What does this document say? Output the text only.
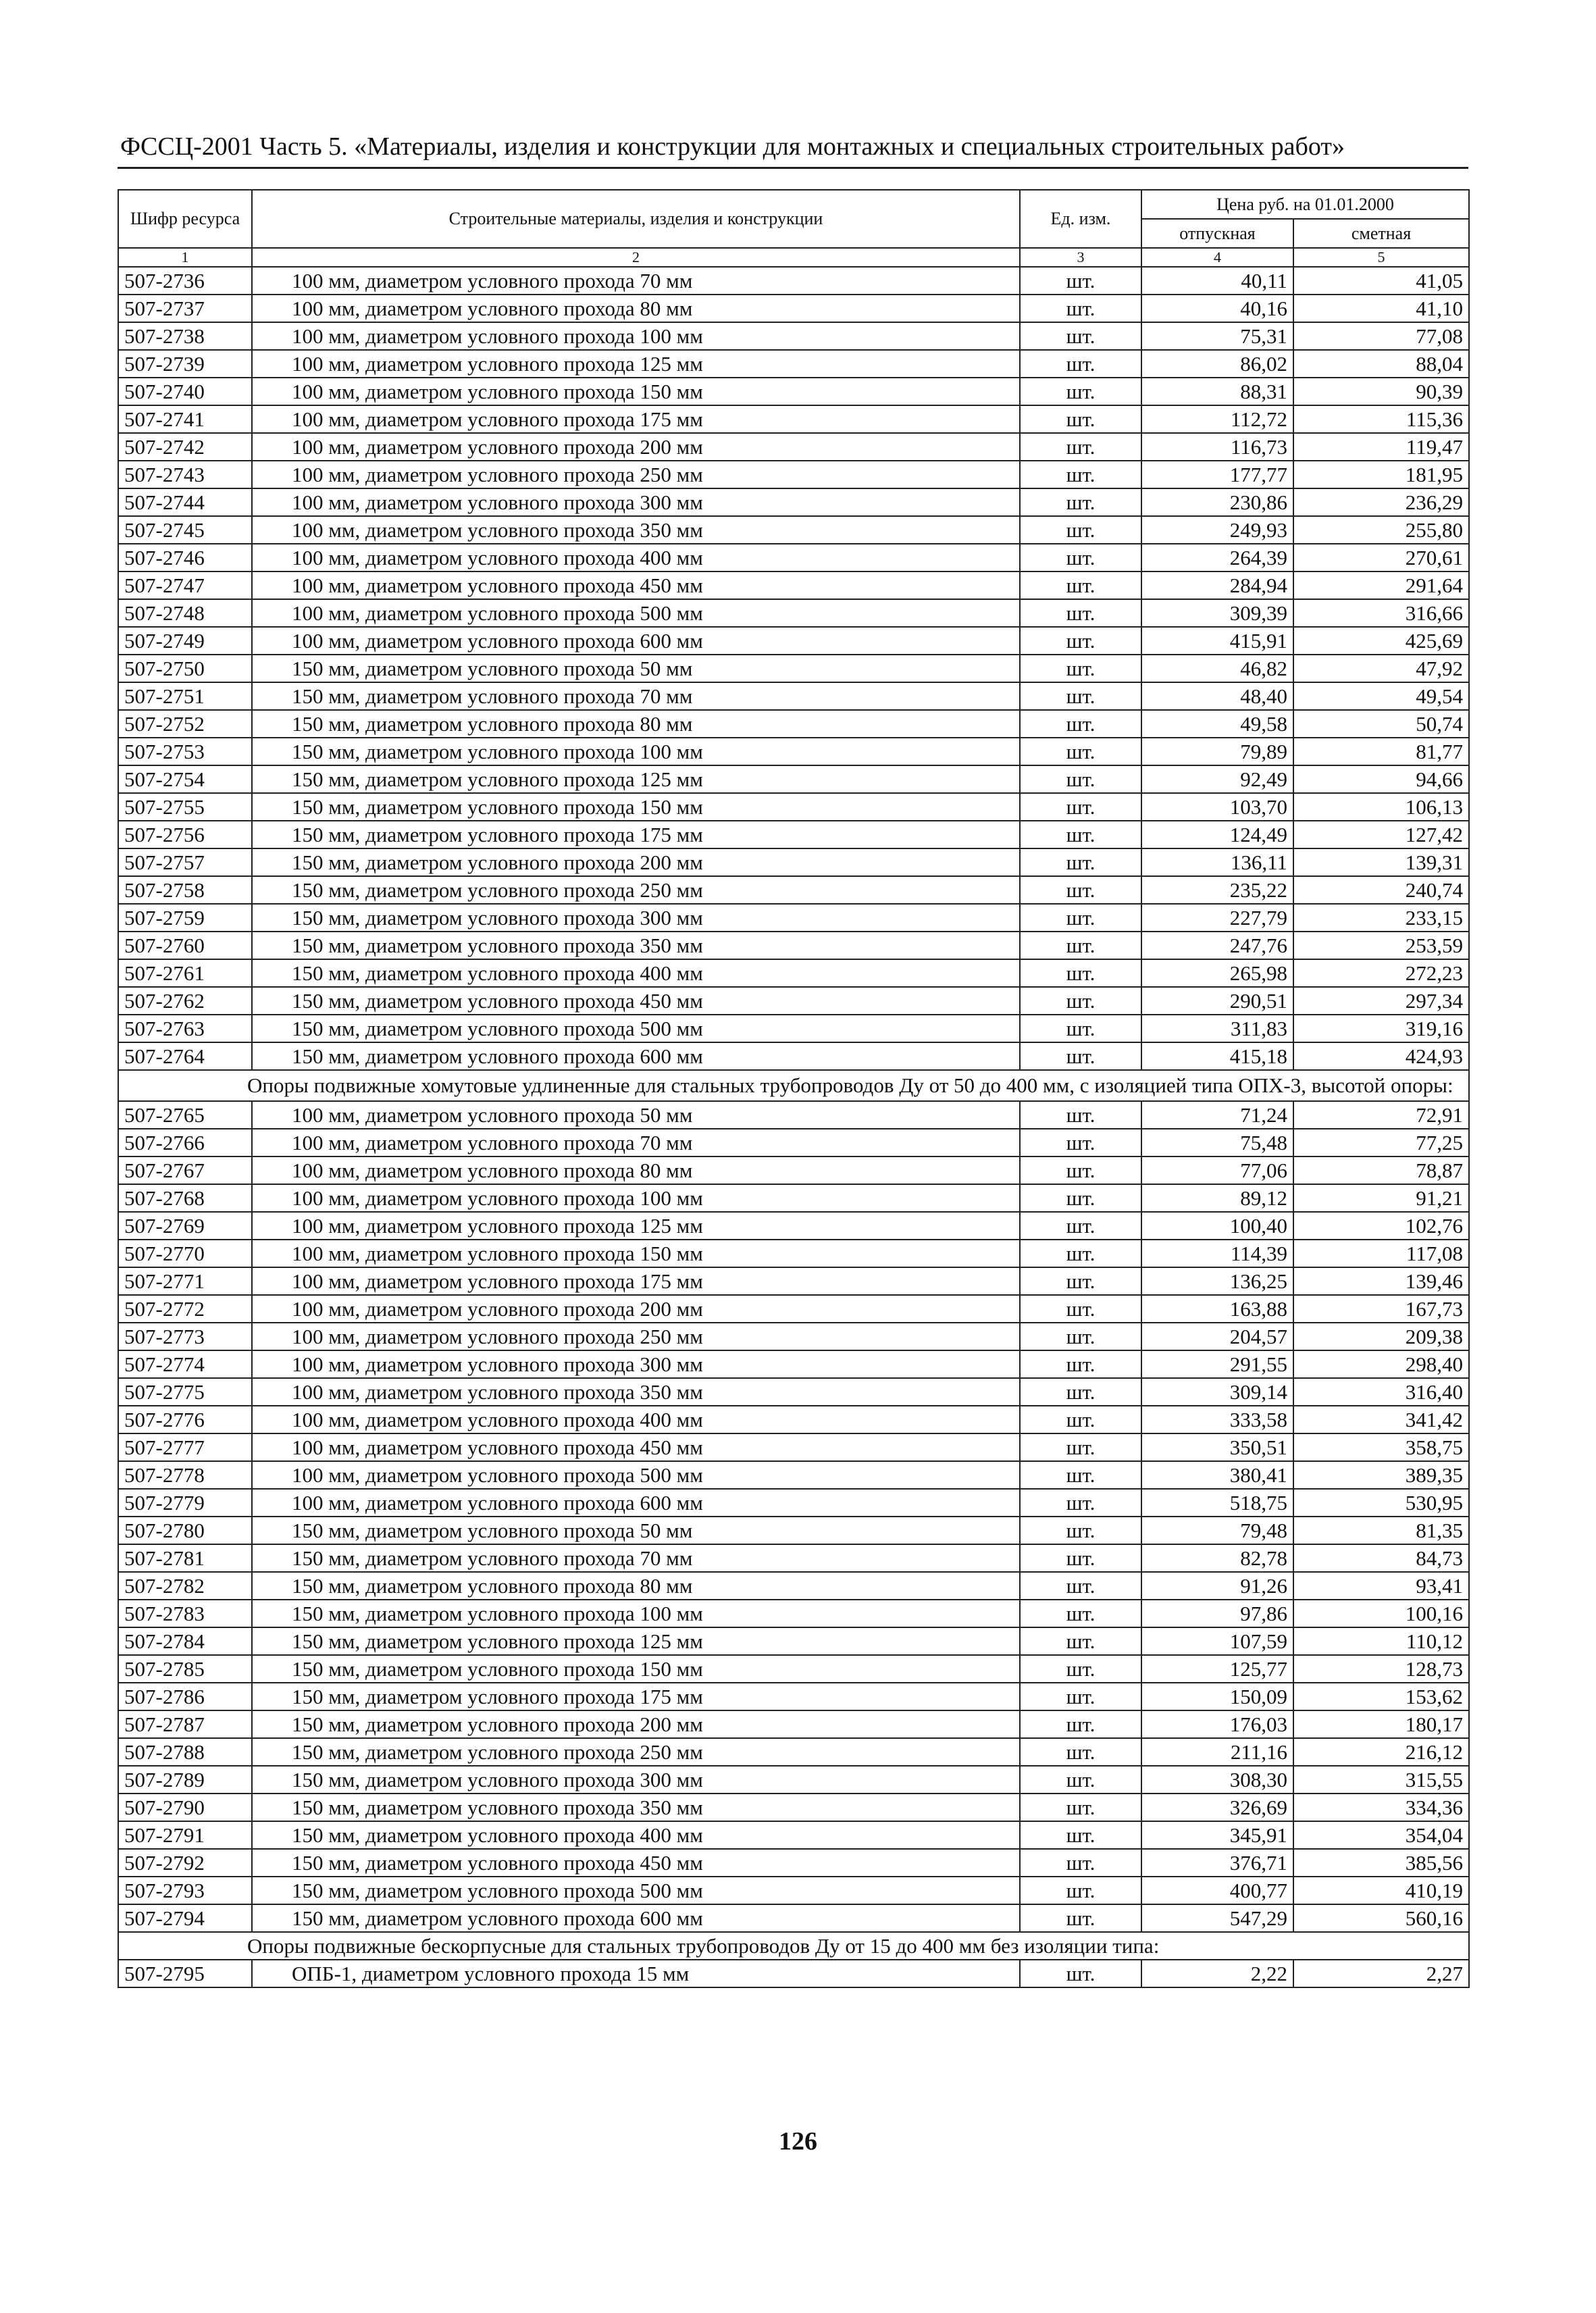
ФССЦ-2001 Часть 5. «Материалы, изделия и конструкции для монтажных и специальных строительных работ»
Шифр ресурса	Строительные материалы, изделия и конструкции	Ед. изм.	Цена руб. на 01.01.2000	
			отпускная	сметная
1	2	3	4	5
507-2736	100 мм, диаметром условного прохода 70 мм	шт.	40,11	41,05
507-2737	100 мм, диаметром условного прохода 80 мм	шт.	40,16	41,10
507-2738	100 мм, диаметром условного прохода 100 мм	шт.	75,31	77,08
507-2739	100 мм, диаметром условного прохода 125 мм	шт.	86,02	88,04
507-2740	100 мм, диаметром условного прохода 150 мм	шт.	88,31	90,39
507-2741	100 мм, диаметром условного прохода 175 мм	шт.	112,72	115,36
507-2742	100 мм, диаметром условного прохода 200 мм	шт.	116,73	119,47
507-2743	100 мм, диаметром условного прохода 250 мм	шт.	177,77	181,95
507-2744	100 мм, диаметром условного прохода 300 мм	шт.	230,86	236,29
507-2745	100 мм, диаметром условного прохода 350 мм	шт.	249,93	255,80
507-2746	100 мм, диаметром условного прохода 400 мм	шт.	264,39	270,61
507-2747	100 мм, диаметром условного прохода 450 мм	шт.	284,94	291,64
507-2748	100 мм, диаметром условного прохода 500 мм	шт.	309,39	316,66
507-2749	100 мм, диаметром условного прохода 600 мм	шт.	415,91	425,69
507-2750	150 мм, диаметром условного прохода 50 мм	шт.	46,82	47,92
507-2751	150 мм, диаметром условного прохода 70 мм	шт.	48,40	49,54
507-2752	150 мм, диаметром условного прохода 80 мм	шт.	49,58	50,74
507-2753	150 мм, диаметром условного прохода 100 мм	шт.	79,89	81,77
507-2754	150 мм, диаметром условного прохода 125 мм	шт.	92,49	94,66
507-2755	150 мм, диаметром условного прохода 150 мм	шт.	103,70	106,13
507-2756	150 мм, диаметром условного прохода 175 мм	шт.	124,49	127,42
507-2757	150 мм, диаметром условного прохода 200 мм	шт.	136,11	139,31
507-2758	150 мм, диаметром условного прохода 250 мм	шт.	235,22	240,74
507-2759	150 мм, диаметром условного прохода 300 мм	шт.	227,79	233,15
507-2760	150 мм, диаметром условного прохода 350 мм	шт.	247,76	253,59
507-2761	150 мм, диаметром условного прохода 400 мм	шт.	265,98	272,23
507-2762	150 мм, диаметром условного прохода 450 мм	шт.	290,51	297,34
507-2763	150 мм, диаметром условного прохода 500 мм	шт.	311,83	319,16
507-2764	150 мм, диаметром условного прохода 600 мм	шт.	415,18	424,93
Опоры подвижные хомутовые удлиненные для стальных трубопроводов Ду от 50 до 400 мм, с изоляцией типа ОПХ-3, высотой опоры:				
507-2765	100 мм, диаметром условного прохода 50 мм	шт.	71,24	72,91
507-2766	100 мм, диаметром условного прохода 70 мм	шт.	75,48	77,25
507-2767	100 мм, диаметром условного прохода 80 мм	шт.	77,06	78,87
507-2768	100 мм, диаметром условного прохода 100 мм	шт.	89,12	91,21
507-2769	100 мм, диаметром условного прохода 125 мм	шт.	100,40	102,76
507-2770	100 мм, диаметром условного прохода 150 мм	шт.	114,39	117,08
507-2771	100 мм, диаметром условного прохода 175 мм	шт.	136,25	139,46
507-2772	100 мм, диаметром условного прохода 200 мм	шт.	163,88	167,73
507-2773	100 мм, диаметром условного прохода 250 мм	шт.	204,57	209,38
507-2774	100 мм, диаметром условного прохода 300 мм	шт.	291,55	298,40
507-2775	100 мм, диаметром условного прохода 350 мм	шт.	309,14	316,40
507-2776	100 мм, диаметром условного прохода 400 мм	шт.	333,58	341,42
507-2777	100 мм, диаметром условного прохода 450 мм	шт.	350,51	358,75
507-2778	100 мм, диаметром условного прохода 500 мм	шт.	380,41	389,35
507-2779	100 мм, диаметром условного прохода 600 мм	шт.	518,75	530,95
507-2780	150 мм, диаметром условного прохода 50 мм	шт.	79,48	81,35
507-2781	150 мм, диаметром условного прохода 70 мм	шт.	82,78	84,73
507-2782	150 мм, диаметром условного прохода 80 мм	шт.	91,26	93,41
507-2783	150 мм, диаметром условного прохода 100 мм	шт.	97,86	100,16
507-2784	150 мм, диаметром условного прохода 125 мм	шт.	107,59	110,12
507-2785	150 мм, диаметром условного прохода 150 мм	шт.	125,77	128,73
507-2786	150 мм, диаметром условного прохода 175 мм	шт.	150,09	153,62
507-2787	150 мм, диаметром условного прохода 200 мм	шт.	176,03	180,17
507-2788	150 мм, диаметром условного прохода 250 мм	шт.	211,16	216,12
507-2789	150 мм, диаметром условного прохода 300 мм	шт.	308,30	315,55
507-2790	150 мм, диаметром условного прохода 350 мм	шт.	326,69	334,36
507-2791	150 мм, диаметром условного прохода 400 мм	шт.	345,91	354,04
507-2792	150 мм, диаметром условного прохода 450 мм	шт.	376,71	385,56
507-2793	150 мм, диаметром условного прохода 500 мм	шт.	400,77	410,19
507-2794	150 мм, диаметром условного прохода 600 мм	шт.	547,29	560,16
Опоры подвижные бескорпусные для стальных трубопроводов Ду от 15 до 400 мм без изоляции типа:				
507-2795	ОПБ-1, диаметром условного прохода 15 мм	шт.	2,22	2,27
126
